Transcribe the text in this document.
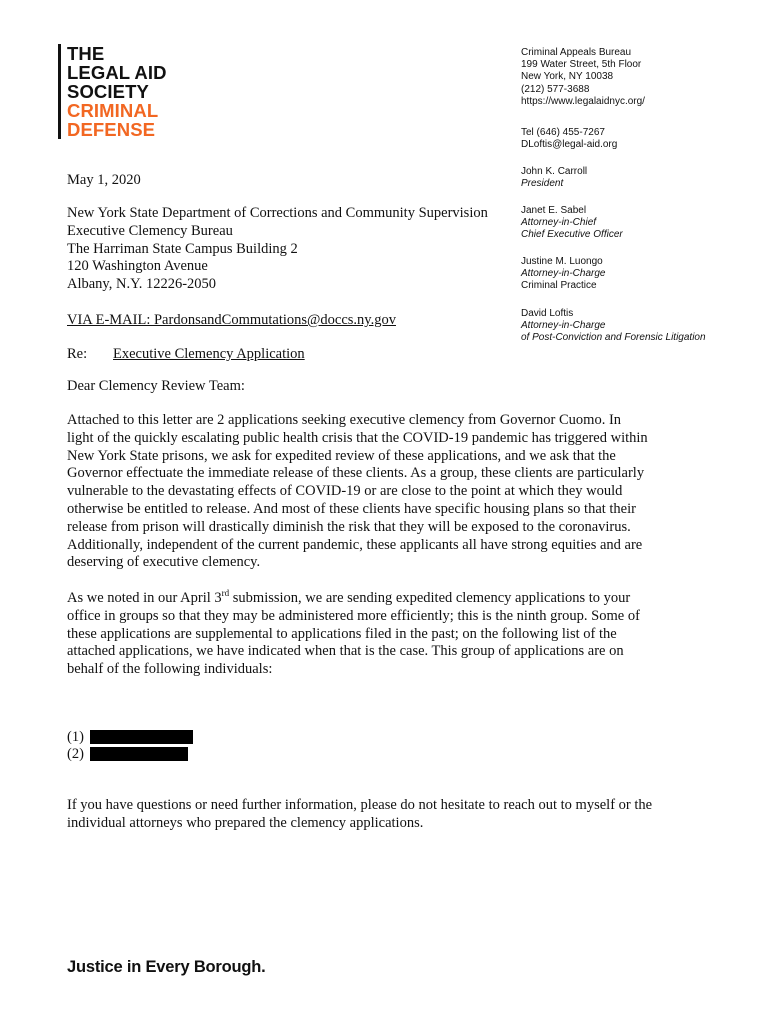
THE
LEGAL AID
SOCIETY
CRIMINAL
DEFENSE
Criminal Appeals Bureau
199 Water Street, 5th Floor
New York, NY 10038
(212) 577-3688
https://www.legalaidnyc.org/
Tel (646) 455-7267
DLoftis@legal-aid.org
John K. Carroll
President
Janet E. Sabel
Attorney-in-Chief
Chief Executive Officer
Justine M. Luongo
Attorney-in-Charge
Criminal Practice
David Loftis
Attorney-in-Charge
of Post-Conviction and Forensic Litigation
May 1, 2020
New York State Department of Corrections and Community Supervision
Executive Clemency Bureau
The Harriman State Campus Building 2
120 Washington Avenue
Albany, N.Y. 12226-2050
VIA E-MAIL: PardonsandCommutations@doccs.ny.gov
Re: Executive Clemency Application
Dear Clemency Review Team:
Attached to this letter are 2 applications seeking executive clemency from Governor Cuomo. In
light of the quickly escalating public health crisis that the COVID-19 pandemic has triggered within
New York State prisons, we ask for expedited review of these applications, and we ask that the
Governor effectuate the immediate release of these clients. As a group, these clients are particularly
vulnerable to the devastating effects of COVID-19 or are close to the point at which they would
otherwise be entitled to release. And most of these clients have specific housing plans so that their
release from prison will drastically diminish the risk that they will be exposed to the coronavirus.
Additionally, independent of the current pandemic, these applicants all have strong equities and are
deserving of executive clemency.
As we noted in our April 3rd submission, we are sending expedited clemency applications to your
office in groups so that they may be administered more efficiently; this is the ninth group. Some of
these applications are supplemental to applications filed in the past; on the following list of the
attached applications, we have indicated when that is the case. This group of applications are on
behalf of the following individuals:
(1)
(2)
If you have questions or need further information, please do not hesitate to reach out to myself or the
individual attorneys who prepared the clemency applications.
Justice in Every Borough.
